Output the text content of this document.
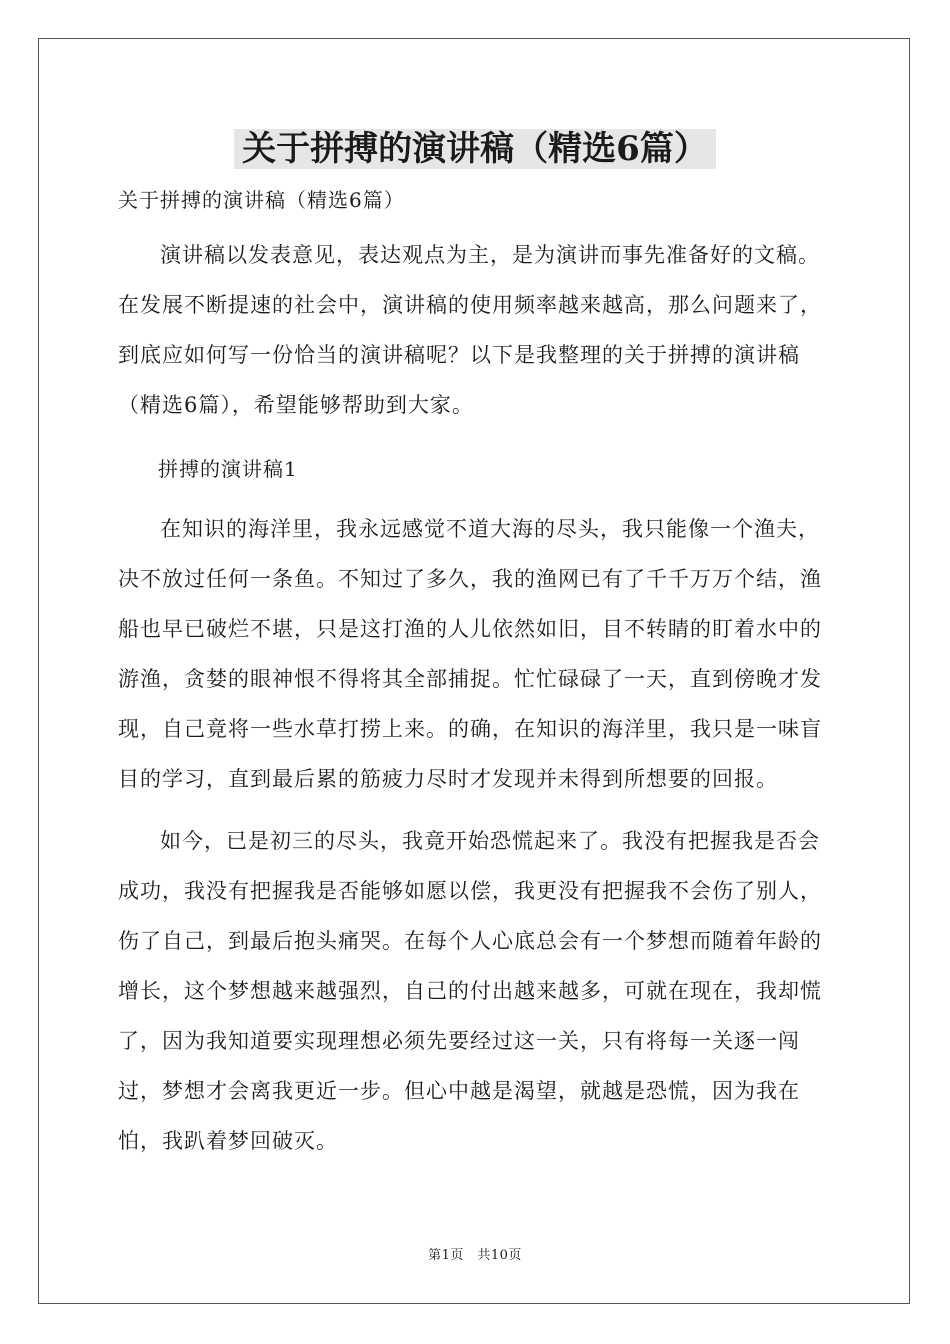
关于拼搏的演讲稿（精选6篇）

关于拼搏的演讲稿（精选6篇）

演讲稿以发表意见，表达观点为主，是为演讲而事先准备好的文稿。在发展不断提速的社会中，演讲稿的使用频率越来越高，那么问题来了，到底应如何写一份恰当的演讲稿呢？以下是我整理的关于拼搏的演讲稿（精选6篇），希望能够帮助到大家。

拼搏的演讲稿1

在知识的海洋里，我永远感觉不道大海的尽头，我只能像一个渔夫，决不放过任何一条鱼。不知过了多久，我的渔网已有了千千万万个结，渔船也早已破烂不堪，只是这打渔的人儿依然如旧，目不转睛的盯着水中的游渔，贪婪的眼神恨不得将其全部捕捉。忙忙碌碌了一天，直到傍晚才发现，自己竟将一些水草打捞上来。的确，在知识的海洋里，我只是一味盲目的学习，直到最后累的筋疲力尽时才发现并未得到所想要的回报。

如今，已是初三的尽头，我竟开始恐慌起来了。我没有把握我是否会成功，我没有把握我是否能够如愿以偿，我更没有把握我不会伤了别人，伤了自己，到最后抱头痛哭。在每个人心底总会有一个梦想而随着年龄的增长，这个梦想越来越强烈，自己的付出越来越多，可就在现在，我却慌了，因为我知道要实现理想必须先要经过这一关，只有将每一关逐一闯过，梦想才会离我更近一步。但心中越是渴望，就越是恐慌，因为我在怕，我趴着梦回破灭。

第1页　共10页
